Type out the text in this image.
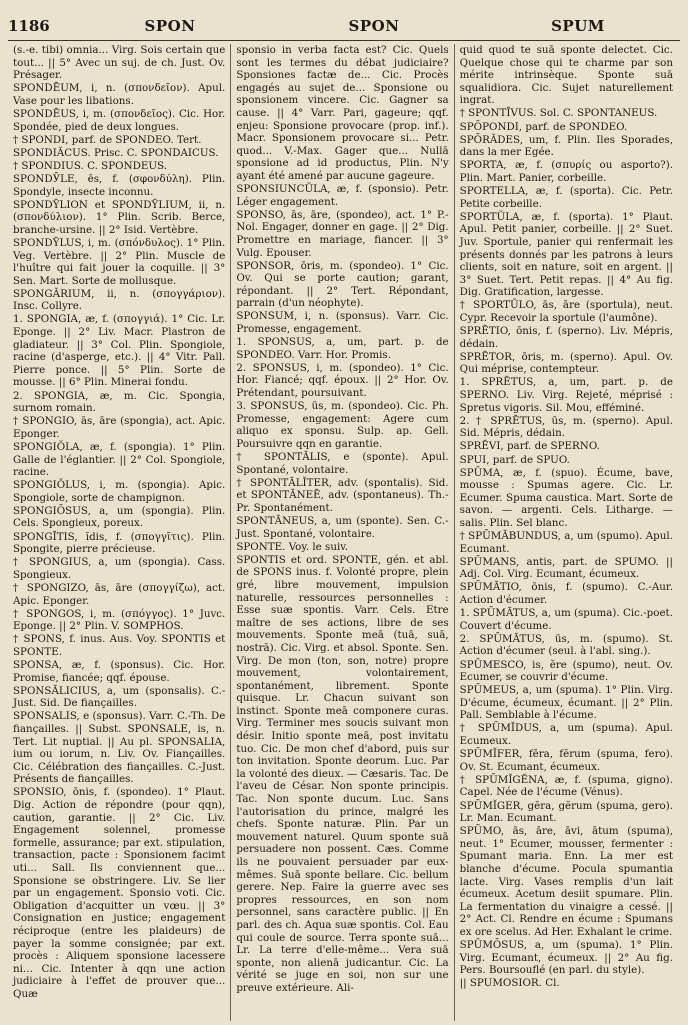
1186	SPON	SPON	SPUM

(s.-e. tibi) omnia... Virg. Sois certain que tout... || 5° Avec un suj. de ch. Just. Ov. Présager.

SPONDĒUM, i, n. (σπονδεῖον). Apul. Vase pour les libations.

SPONDĒUS, i, m. (σπονδεῖος). Cic. Hor. Spondée, pied de deux longues.

† SPONDI, parf. de SPONDEO. Tert.

SPONDIĂCUS. Prisc. C. SPONDAICUS.

† SPONDIUS. C. SPONDEUS.

SPONDӮLE, ēs, f. (σφονδύλη). Plin. Spondyle, insecte inconnu.

SPONDȲLION et SPONDȲLIUM, ii, n. (σπονδύλιον). 1° Plin. Scrib. Berce, branche-ursine. || 2° Isid. Vertèbre.

SPONDȲLUS, i, m. (σπόνδυλος). 1° Plin. Veg. Vertèbre. || 2° Plin. Muscle de l'huître qui fait jouer la coquille. || 3° Sen. Mart. Sorte de mollusque.

SPONGĂRIUM, ii, n. (σπογγάριον). Insc. Collyre.

1. SPONGIA, æ, f. (σπογγιά). 1° Cic. Lr. Eponge. || 2° Liv. Macr. Plastron de gladiateur. || 3° Col. Plin. Spongiole, racine (d'asperge, etc.). || 4° Vitr. Pall. Pierre ponce. || 5° Plin. Sorte de mousse. || 6° Plin. Minerai fondu.

2. SPONGIA, æ, m. Cic. Spongia, surnom romain.

† SPONGIO, ās, āre (spongia), act. Apic. Eponger.

SPONGIŎLA, æ, f. (spongia). 1° Plin. Galle de l'églantier. || 2° Col. Spongiole, racine.

SPONGIŎLUS, i, m. (spongia). Apic. Spongiole, sorte de champignon.

SPONGIŌSUS, a, um (spongia). Plin. Cels. Spongieux, poreux.

SPONGĪTIS, ĭdis, f. (σπογγῖτις). Plin. Spongite, pierre précieuse.

† SPONGIUS, a, um (spongia). Cass. Spongieux.

† SPONGIZO, ās, āre (σπογγίζω), act. Apic. Eponger.

† SPONGOS, i, m. (σπόγγος). 1° Juvc. Eponge. || 2° Plin. V. SOMPHOS.

† SPONS, f. inus. Aus. Voy. SPONTIS et SPONTE.

SPONSA, æ, f. (sponsus). Cic. Hor. Promise, fiancée; qqf. épouse.

SPONSĀLICIUS, a, um (sponsalis). C.-Just. Sid. De fiançailles.

SPONSALIS, e (sponsus). Varr. C.-Th. De fiançailles. || Subst. SPONSALE, is, n. Tert. Lit nuptial. || Au pl. SPONSALIA, ium ou iorum, n. Liv. Ov. Fiançailles. Cic. Célébration des fiançailles. C.-Just. Présents de fiançailles.

SPONSIO, ōnis, f. (spondeo). 1° Plaut. Dig. Action de répondre (pour qqn), caution, garantie. || 2° Cic. Liv. Engagement solennel, promesse formelle, assurance; par ext. stipulation, transaction, pacte : Sponsionem facimt uti... Sall. Ils conviennent que... Sponsione se obstringere. Liv. Se lier par un engagement. Sponsio voti. Cic. Obligation d'acquitter un vœu. || 3° Consignation en justice; engagement réciproque (entre les plaideurs) de payer la somme consignée; par ext. procès : Aliquem sponsione lacessere ni... Cic. Intenter à qqn une action judiciaire à l'effet de prouver que... Quæ

sponsio in verba facta est? Cic. Quels sont les termes du débat judiciaire? Sponsiones factæ de... Cic. Procès engagés au sujet de... Sponsione ou sponsionem vincere. Cic. Gagner sa cause. || 4° Varr. Pari, gageure; qqf. enjeu: Sponsione provocare (prop. inf.). Macr. Sponsionem provocare si... Petr. quod... V.-Max. Gager que... Nullā sponsione ad id productus, Plin. N'y ayant été amené par aucune gageure.

SPONSIUNCŬLA, æ, f. (sponsio). Petr. Léger engagement.

SPONSO, ās, āre, (spondeo), act. 1° P.-Nol. Engager, donner en gage. || 2° Dig. Promettre en mariage, fiancer. || 3° Vulg. Epouser.

SPONSOR, ōris, m. (spondeo). 1° Cic. Ov. Qui se porte caution; garant, répondant. || 2° Tert. Répondant, parrain (d'un néophyte).

SPONSUM, i, n. (sponsus). Varr. Cic. Promesse, engagement.

1. SPONSUS, a, um, part. p. de SPONDEO. Varr. Hor. Promis.

2. SPONSUS, i, m. (spondeo). 1° Cic. Hor. Fiancé; qqf. époux. || 2° Hor. Ov. Prétendant, poursuivant.

3. SPONSUS, ūs, m. (spondeo). Cic. Ph. Promesse, engagement: Agere cum aliquo ex sponsu. Sulp. ap. Gell. Poursuivre qqn en garantie.

† SPONTĀLIS, e (sponte). Apul. Spontané, volontaire.

† SPONTĀLĬTER, adv. (spontalis). Sid. et SPONTĀNEĒ, adv. (spontaneus). Th.-Pr. Spontanément.

SPONTĀNEUS, a, um (sponte). Sen. C.-Just. Spontané, volontaire.

SPONTE. Voy. le suiv.

SPONTIS et ord. SPONTE, gén. et abl. de SPONS inus. f. Volonté propre, plein gré, libre mouvement, impulsion naturelle, ressources personnelles : Esse suæ spontis. Varr. Cels. Etre maître de ses actions, libre de ses mouvements. Sponte meā (tuā, suā, nostrā). Cic. Virg. et absol. Sponte. Sen. Virg. De mon (ton, son, notre) propre mouvement, volontairement, spontanément, librement. Sponte quisque. Lr. Chacun suivant son instinct. Sponte meā componere curas. Virg. Terminer mes soucis suivant mon désir. Initio sponte meā, post invitatu tuo. Cic. De mon chef d'abord, puis sur ton invitation. Sponte deorum. Luc. Par la volonté des dieux. — Cæsaris. Tac. De l'aveu de César. Non sponte principis. Tac. Non sponte ducum. Luc. Sans l'autorisation du prince, malgré les chefs. Sponte naturæ. Plin. Par un mouvement naturel. Quum sponte suā persuadere non possent. Cæs. Comme ils ne pouvaient persuader par eux-mêmes. Suā sponte bellare. Cic. bellum gerere. Nep. Faire la guerre avec ses propres ressources, en son nom personnel, sans caractère public. || En parl. des ch. Aqua suæ spontis. Col. Eau qui coule de source. Terra sponte suā... Lr. La terre d'elle-même... Vera suā sponte, non alienā judicantur. Cic. La vérité se juge en soi, non sur une preuve extérieure. Ali-

quid quod te suā sponte delectet. Cic. Quelque chose qui te charme par son mérite intrinsèque. Sponte suā squalidiora. Cic. Sujet naturellement ingrat.

† SPONTĪVUS. Sol. C. SPONTANEUS.

SPŌPONDI, parf. de SPONDEO.

SPŌRĂDES, um, f. Plin. Iles Sporades, dans la mer Egée.

SPORTA, æ, f. (σπυρίς ou asporto?). Plin. Mart. Panier, corbeille.

SPORTELLA, æ, f. (sporta). Cic. Petr. Petite corbeille.

SPORTŬLA, æ, f. (sporta). 1° Plaut. Apul. Petit panier, corbeille. || 2° Suet. Juv. Sportule, panier qui renfermait les présents donnés par les patrons à leurs clients, soit en nature, soit en argent. || 3° Suet. Tert. Petit repas. || 4° Au fig. Dig. Gratification, largesse.

† SPORTŬLO, ās, āre (sportula), neut. Cypr. Recevoir la sportule (l'aumône).

SPRĒTIO, ōnis, f. (sperno). Liv. Mépris, dédain.

SPRĒTOR, ōris, m. (sperno). Apul. Ov. Qui méprise, contempteur.

1. SPRĒTUS, a, um, part. p. de SPERNO. Liv. Virg. Rejeté, méprisé : Spretus vigoris. Sil. Mou, efféminé.

2. † SPRĒTUS, ūs, m. (sperno). Apul. Sid. Mépris, dédain.

SPRĒVI, parf. de SPERNO.

SPUI, parf. de SPUO.

SPŪMA, æ, f. (spuo). Écume, bave, mousse : Spumas agere. Cic. Lr. Ecumer. Spuma caustica. Mart. Sorte de savon. — argenti. Cels. Litharge. — salis. Plin. Sel blanc.

† SPŪMĀBUNDUS, a, um (spumo). Apul. Ecumant.

SPŪMANS, antis, part. de SPUMO. || Adj. Col. Virg. Ecumant, écumeux.

SPŪMĀTIO, ōnis, f. (spumo). C.-Aur. Action d'écumer.

1. SPŪMĀTUS, a, um (spuma). Cic.-poet. Couvert d'écume.

2. SPŪMĀTUS, ūs, m. (spumo). St. Action d'écumer (seul. à l'abl. sing.).

SPŪMESCO, is, ĕre (spumo), neut. Ov. Ecumer, se couvrir d'écume.

SPŪMEUS, a, um (spuma). 1° Plin. Virg. D'écume, écumeux, écumant. || 2° Plin. Pall. Semblable à l'écume.

† SPŪMĬDUS, a, um (spuma). Apul. Ecumeux.

SPŪMĬFER, fĕra, fĕrum (spuma, fero). Ov. St. Ecumant, écumeux.

† SPŪMĬGĔNA, æ, f. (spuma, gigno). Capel. Née de l'écume (Vénus).

SPŪMĬGER, gĕra, gĕrum (spuma, gero). Lr. Man. Ecumant.

SPŪMO, ās, āre, āvi, ātum (spuma), neut. 1° Ecumer, mousser, fermenter : Spumant maria. Enn. La mer est blanche d'écume. Pocula spumantia lacte. Virg. Vases remplis d'un lait écumeux. Acetum desiit spumare. Plin. La fermentation du vinaigre a cessé. || 2° Act. Cl. Rendre en écume : Spumans ex ore scelus. Ad Her. Exhalant le crime.

SPŪMŌSUS, a, um (spuma). 1° Plin. Virg. Ecumant, écumeux. || 2° Au fig. Pers. Boursouflé (en parl. du style).

|| SPUMOSIOR. Cl.
